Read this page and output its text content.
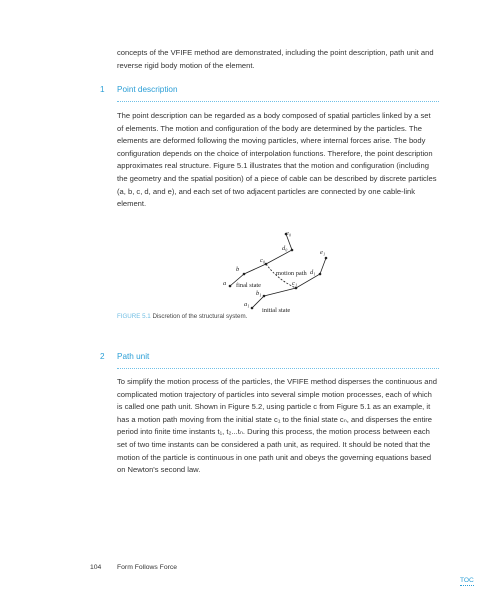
concepts of the VFIFE method are demonstrated, including the point description, path unit and reverse rigid body motion of the element.
1 Point description
The point description can be regarded as a body composed of spatial particles linked by a set of elements. The motion and configuration of the body are determined by the particles. The elements are deformed following the moving particles, where internal forces arise. The body configuration depends on the choice of interpolation functions. Therefore, the point description approximates real structure. Figure 5.1 illustrates that the motion and configuration (including the geometry and the spatial position) of a piece of cable can be described by discrete particles (a, b, c, d, and e), and each set of two adjacent particles are connected by one cable-link element.
e₀
d₀
c₀
b
a
e₁
d₁
c₁
b₁
a₁
motion path
final state
initial state
FIGURE 5.1 Discretion of the structural system.
2 Path unit
To simplify the motion process of the particles, the VFIFE method disperses the continuous and complicated motion trajectory of particles into several simple motion processes, each of which is called one path unit. Shown in Figure 5.2, using particle c from Figure 5.1 as an example, it has a motion path moving from the initial state c₁ to the finial state cₙ, and disperses the entire period into finite time instants t₁, t₂...tₙ. During this process, the motion process between each set of two time instants can be considered a path unit, as required. It should be noted that the motion of the particle is continuous in one path unit and obeys the governing equations based on Newton's second law.
104 Form Follows Force
TOC
